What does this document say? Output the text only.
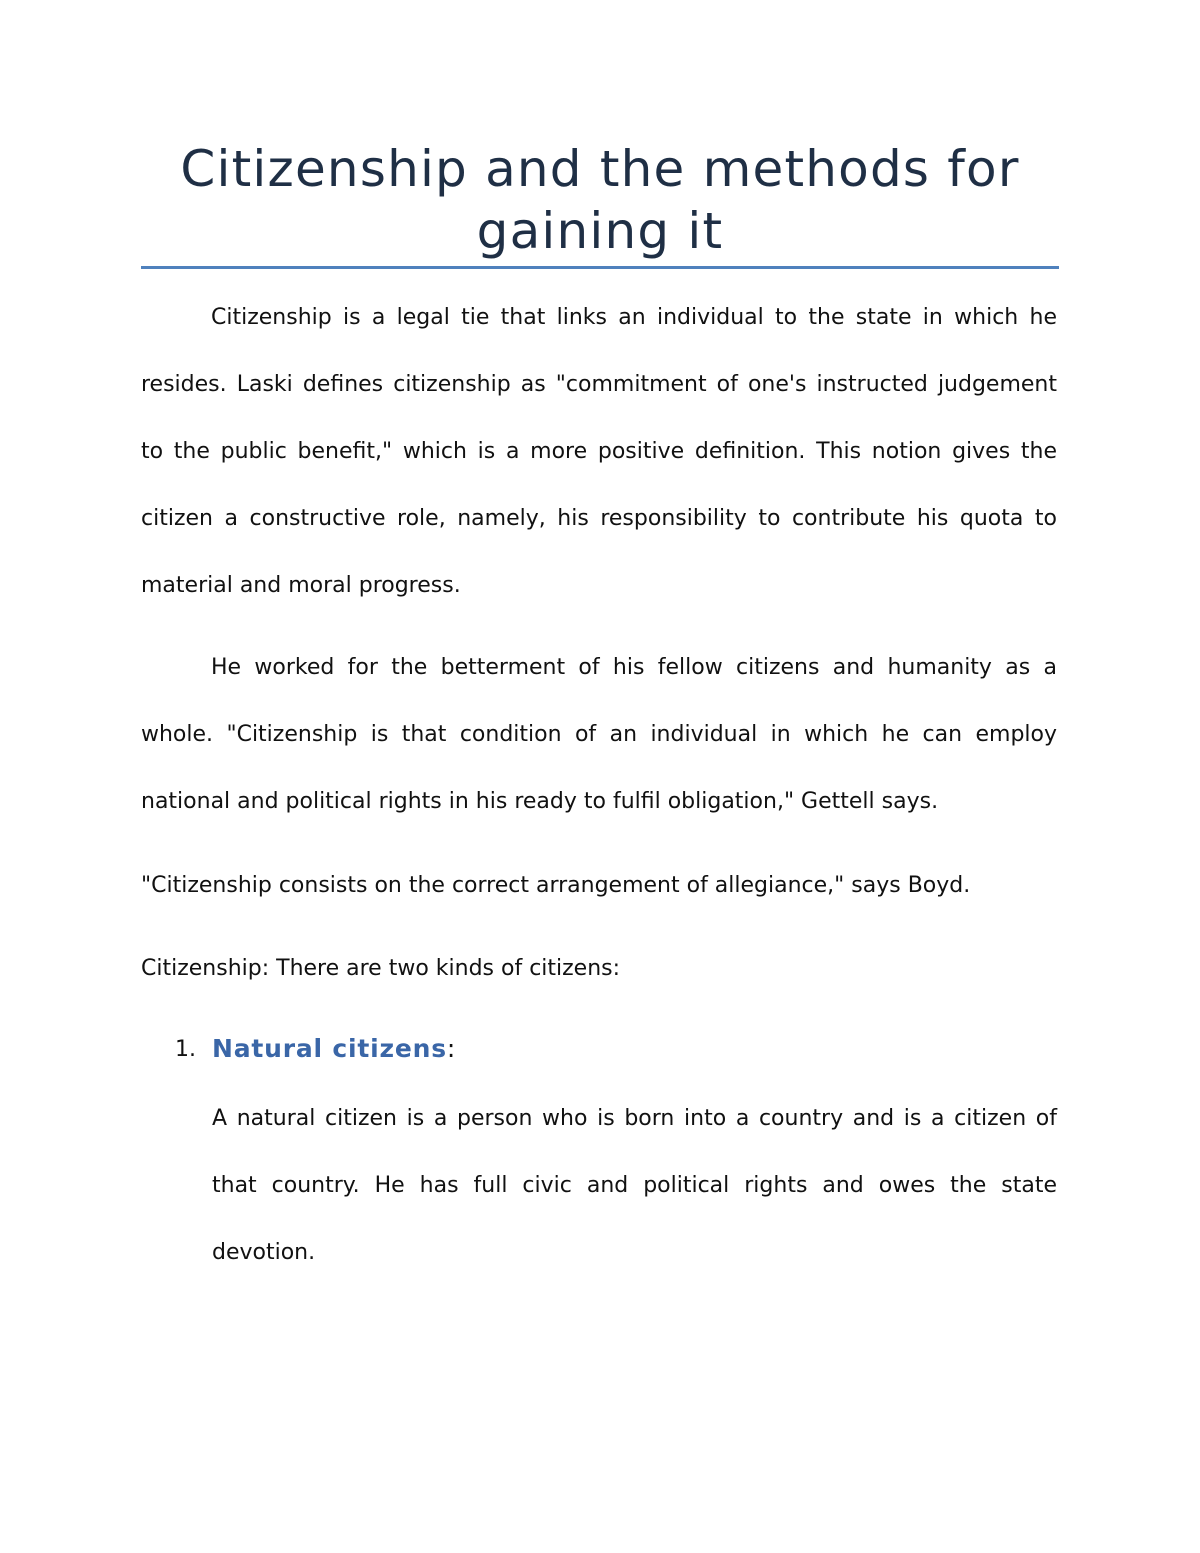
Citizenship and the methods for gaining it

Citizenship is a legal tie that links an individual to the state in which he resides. Laski defines citizenship as "commitment of one's instructed judgement to the public benefit," which is a more positive definition. This notion gives the citizen a constructive role, namely, his responsibility to contribute his quota to material and moral progress.

He worked for the betterment of his fellow citizens and humanity as a whole. "Citizenship is that condition of an individual in which he can employ national and political rights in his ready to fulfil obligation," Gettell says.

"Citizenship consists on the correct arrangement of allegiance," says Boyd.

Citizenship: There are two kinds of citizens:

1. Natural citizens:

A natural citizen is a person who is born into a country and is a citizen of that country. He has full civic and political rights and owes the state devotion.
